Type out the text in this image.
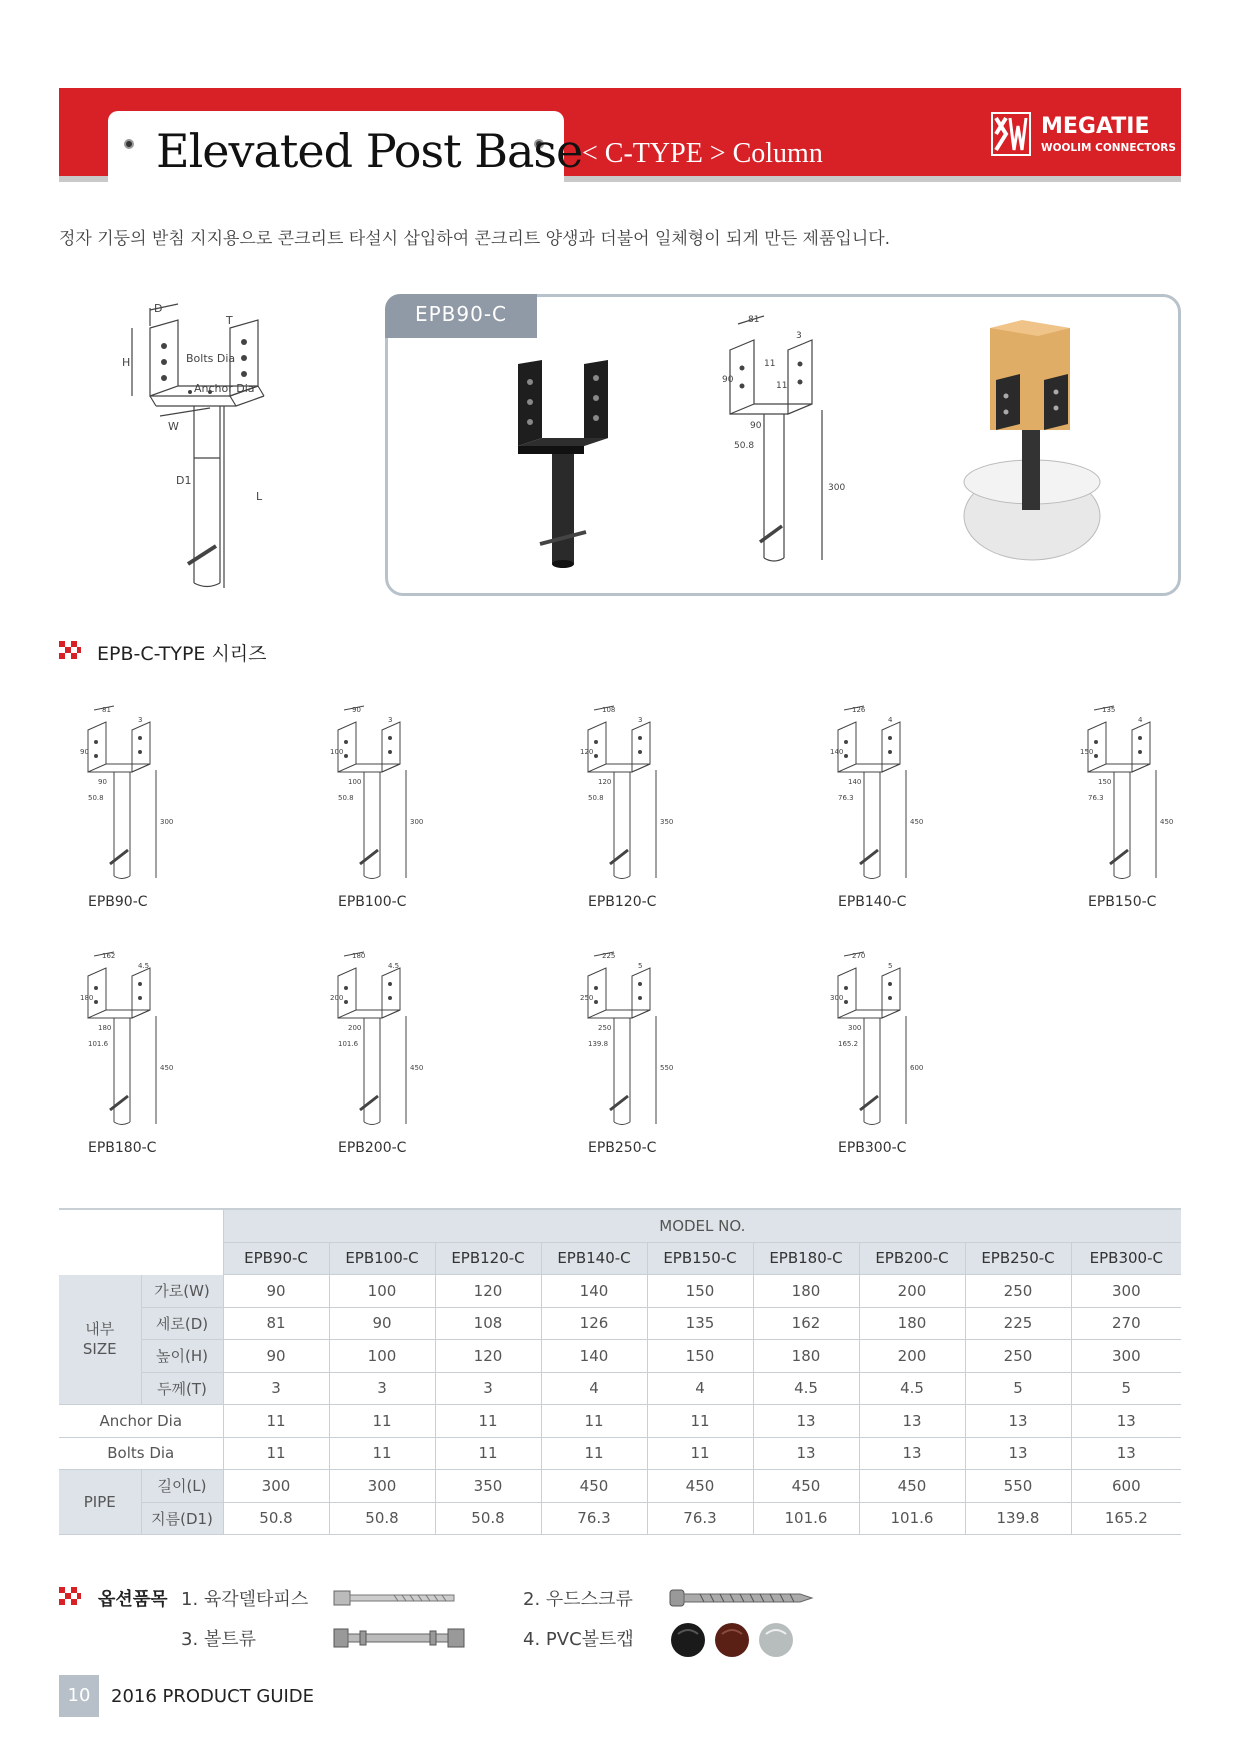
Elevated Post Base < C-TYPE > Column
MEGATIE
WOOLIM CONNECTORS
정자 기둥의 받침 지지용으로 콘크리트 타설시 삽입하여 콘크리트 양생과 더불어 일체형이 되게 만든 제품입니다.
D
T
H
W
D1
L
Bolts Dia
Anchor Dia
EPB90-C	81
3
90
11
11
90
50.8
300
EPB-C-TYPE 시리즈
81
3
90
90
50.8
300
EPB90-C
90
3
100
100
50.8
300
EPB100-C
108
3
120
120
50.8
350
EPB120-C
126
4
140
140
76.3
450
EPB140-C
135
4
150
150
76.3
450
EPB150-C
162
4.5
180
180
101.6
450
EPB180-C
180
4.5
200
200
101.6
450
EPB200-C
225
5
250
250
139.8
550
EPB250-C
270
5
300
300
165.2
600
EPB300-C
		MODEL NO.								
		EPB90-C	EPB100-C	EPB120-C	EPB140-C	EPB150-C	EPB180-C	EPB200-C	EPB250-C	EPB300-C
내부
SIZE	가로(W)	90	100	120	140	150	180	200	250	300
	세로(D)	81	90	108	126	135	162	180	225	270
	높이(H)	90	100	120	140	150	180	200	250	300
	두께(T)	3	3	3	4	4	4.5	4.5	5	5
Anchor Dia		11	11	11	11	11	13	13	13	13
Bolts Dia		11	11	11	11	11	13	13	13	13
PIPE	길이(L)	300	300	350	450	450	450	450	550	600
	지름(D1)	50.8	50.8	50.8	76.3	76.3	101.6	101.6	139.8	165.2
옵션품목 1. 육각델타피스	2. 우드스크류
3. 볼트류	4. PVC볼트캡
10	2016 PRODUCT GUIDE
